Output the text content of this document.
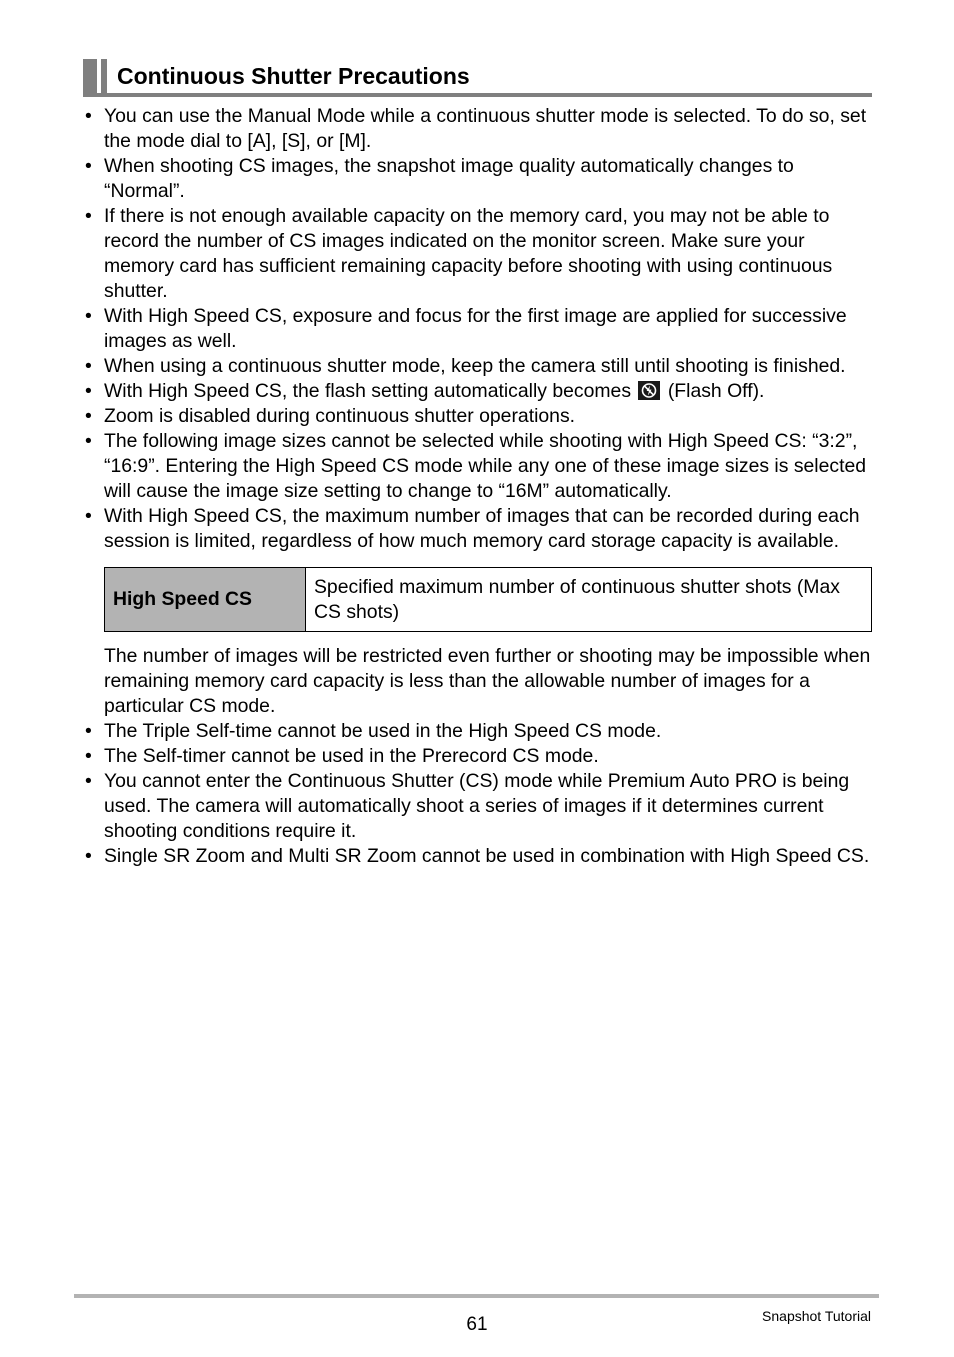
Continuous Shutter Precautions
• You can use the Manual Mode while a continuous shutter mode is selected. To do so, set the mode dial to [A], [S], or [M].
• When shooting CS images, the snapshot image quality automatically changes to “Normal”.
• If there is not enough available capacity on the memory card, you may not be able to record the number of CS images indicated on the monitor screen. Make sure your memory card has sufficient remaining capacity before shooting with using continuous shutter.
• With High Speed CS, exposure and focus for the first image are applied for successive images as well.
• When using a continuous shutter mode, keep the camera still until shooting is finished.
• With High Speed CS, the flash setting automatically becomes (Flash Off).
• Zoom is disabled during continuous shutter operations.
• The following image sizes cannot be selected while shooting with High Speed CS: “3:2”, “16:9”. Entering the High Speed CS mode while any one of these image sizes is selected will cause the image size setting to change to “16M” automatically.
• With High Speed CS, the maximum number of images that can be recorded during each session is limited, regardless of how much memory card storage capacity is available.
High Speed CS	Specified maximum number of continuous shutter shots (Max CS shots)
The number of images will be restricted even further or shooting may be impossible when remaining memory card capacity is less than the allowable number of images for a particular CS mode.
• The Triple Self-time cannot be used in the High Speed CS mode.
• The Self-timer cannot be used in the Prerecord CS mode.
• You cannot enter the Continuous Shutter (CS) mode while Premium Auto PRO is being used. The camera will automatically shoot a series of images if it determines current shooting conditions require it.
• Single SR Zoom and Multi SR Zoom cannot be used in combination with High Speed CS.
61	Snapshot Tutorial
